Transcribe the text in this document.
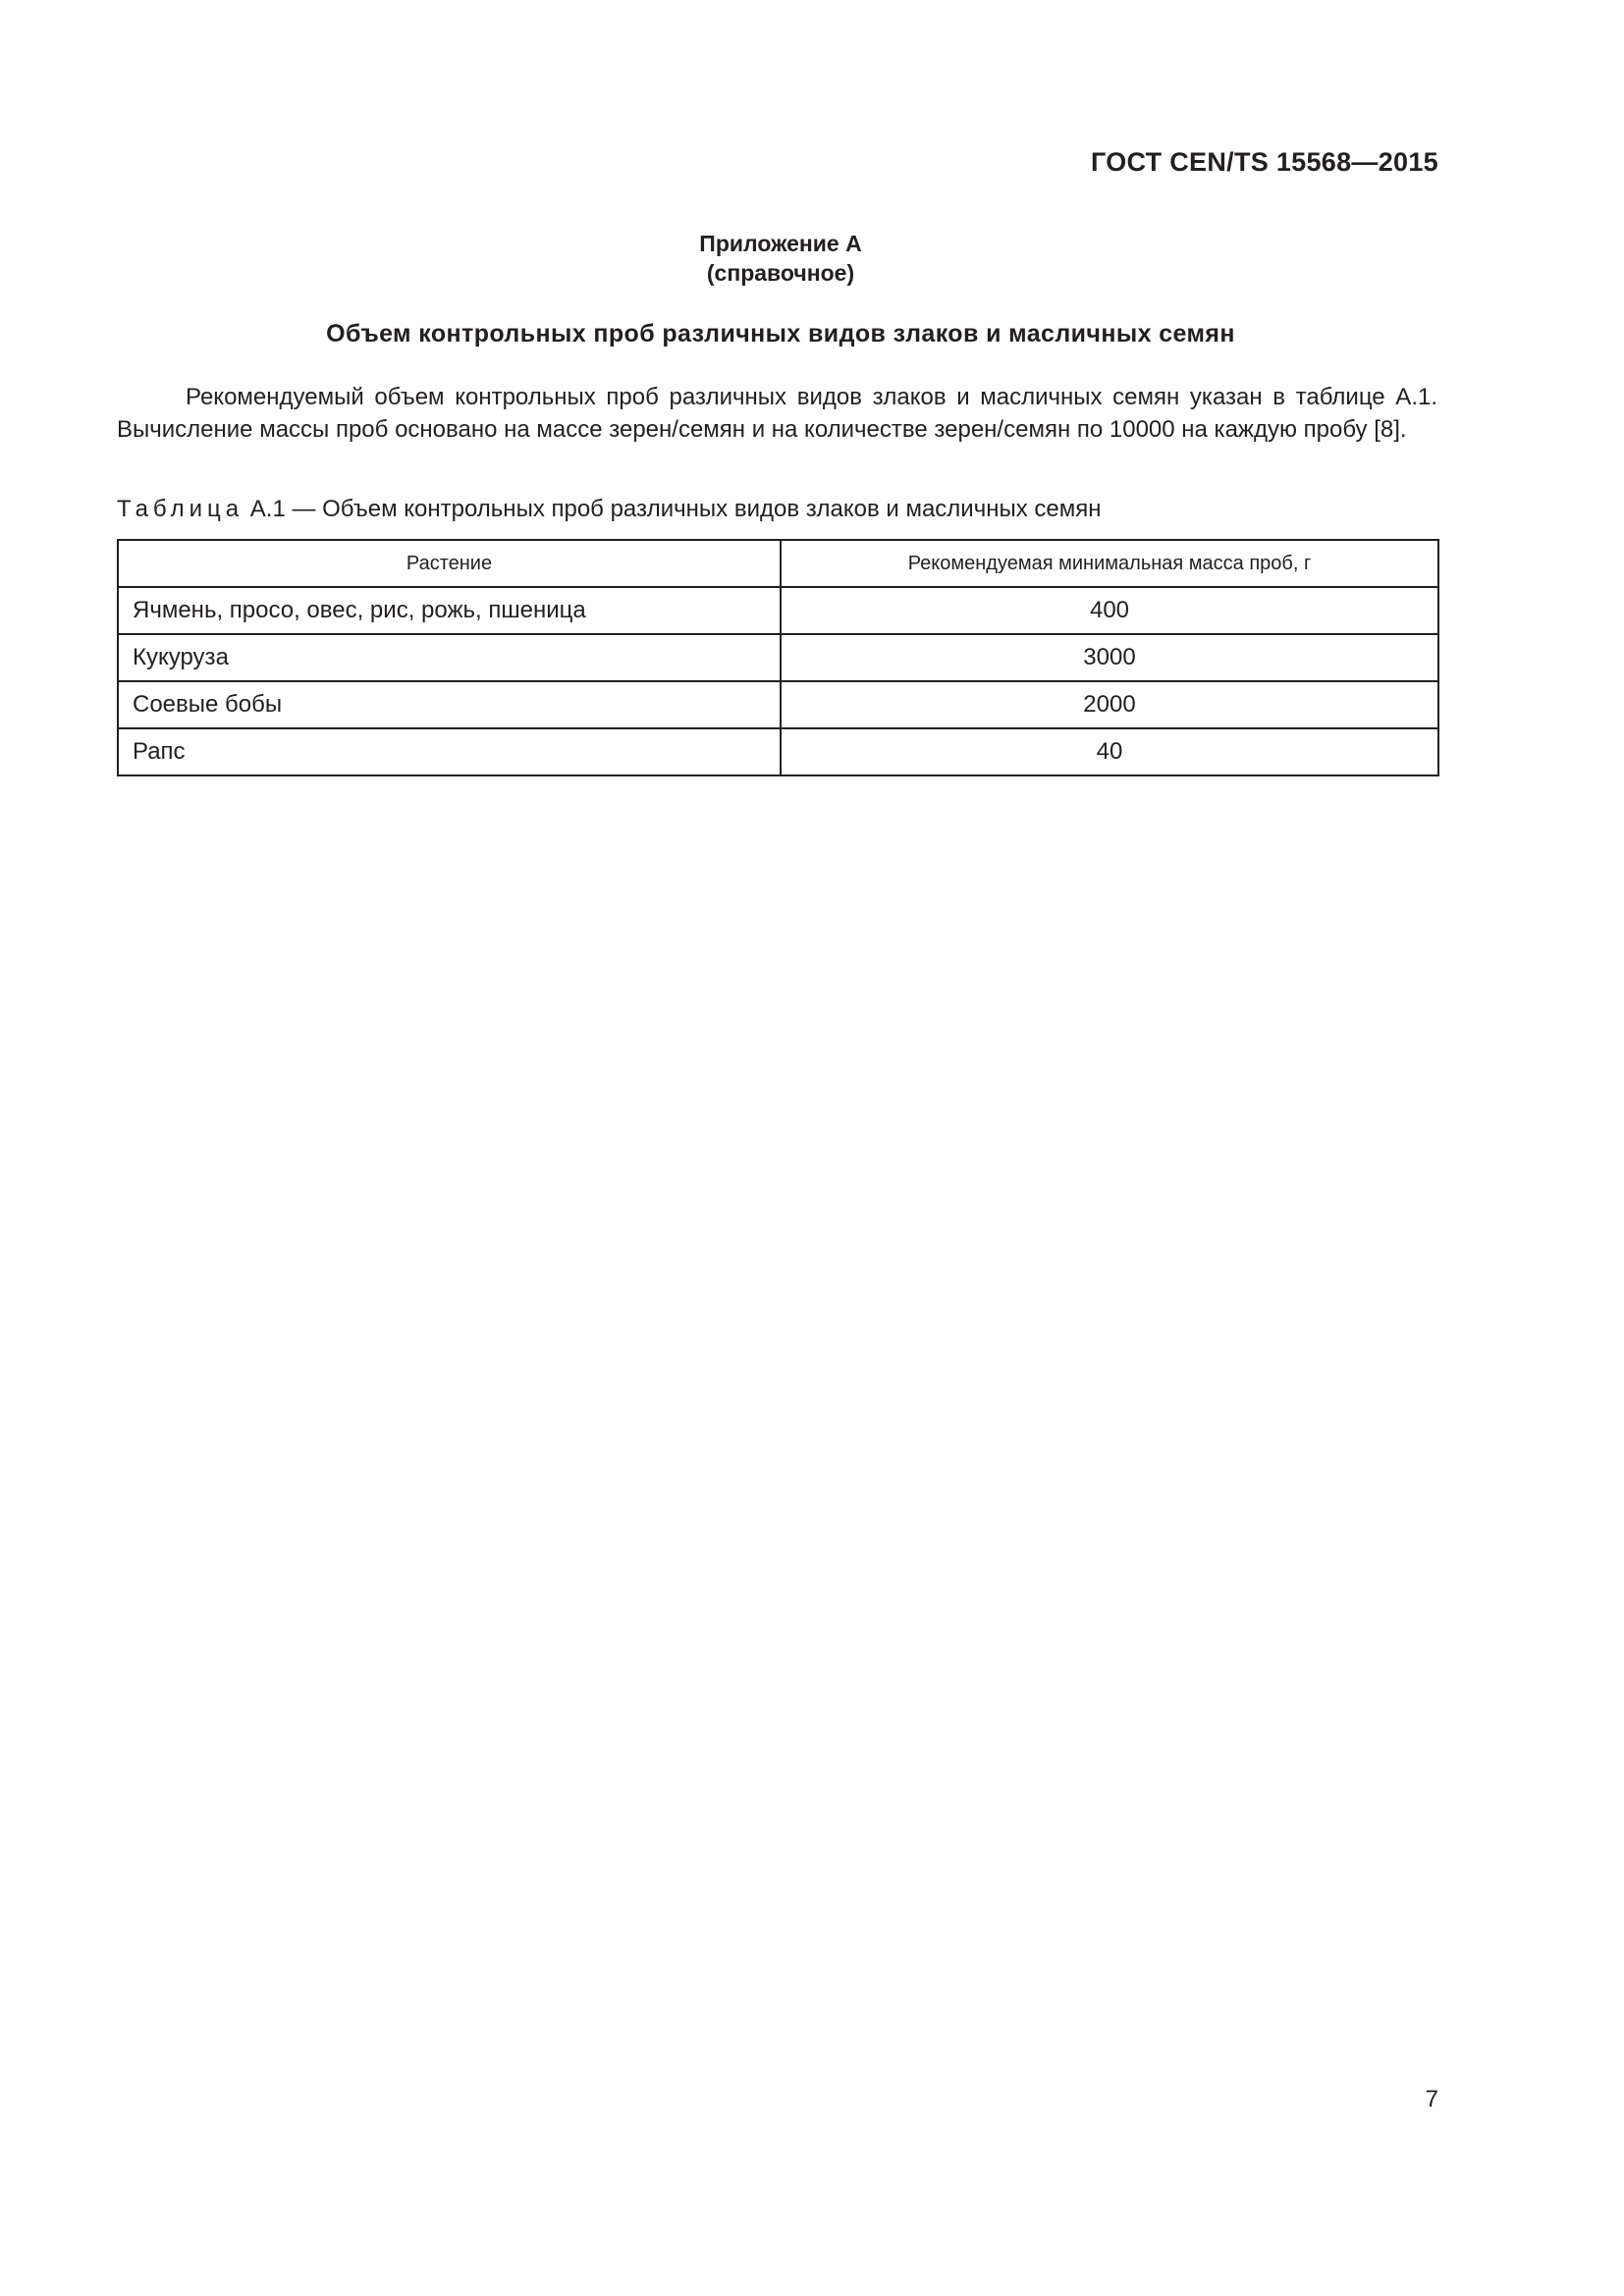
ГОСТ CEN/TS 15568—2015
Приложение А
(справочное)
Объем контрольных проб различных видов злаков и масличных семян

Рекомендуемый объем контрольных проб различных видов злаков и масличных семян указан в таблице А.1. Вычисление массы проб основано на массе зерен/семян и на количестве зерен/семян по 10000 на каждую пробу [8].

Таблица А.1 — Объем контрольных проб различных видов злаков и масличных семян
Растение	Рекомендуемая минимальная масса проб, г
Ячмень, просо, овес, рис, рожь, пшеница	400
Кукуруза	3000
Соевые бобы	2000
Рапс	40
7
